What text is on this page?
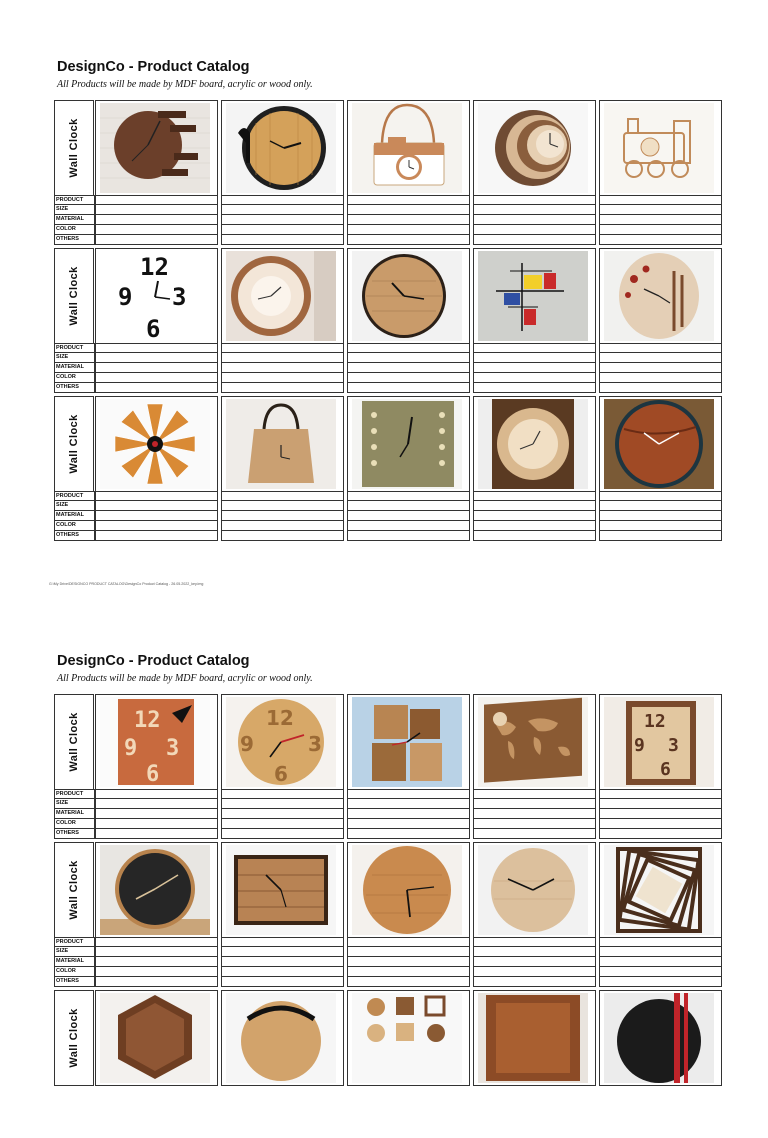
DesignCo - Product Catalog
All Products will be made by MDF board, acrylic or wood only.
Wall Clock
PRODUCT
SIZE
MATERIAL
COLOR
OTHERS
Wall Clock	12
9 3
6
PRODUCT
SIZE
MATERIAL
COLOR
OTHERS
Wall Clock
PRODUCT
SIZE
MATERIAL
COLOR
OTHERS
G:\My Drive\DESIGNCO PRODUCT CATALOG\DesignCo Product Catalog - 26.05.2022_key.img
DesignCo - Product Catalog
All Products will be made by MDF board, acrylic or wood only.
Wall Clock 12
9 3
6
12
9	3
6
12
9 3
6
PRODUCT
SIZE
MATERIAL
COLOR
OTHERS
Wall Clock
PRODUCT
SIZE
MATERIAL
COLOR
OTHERS
Wall Clock
